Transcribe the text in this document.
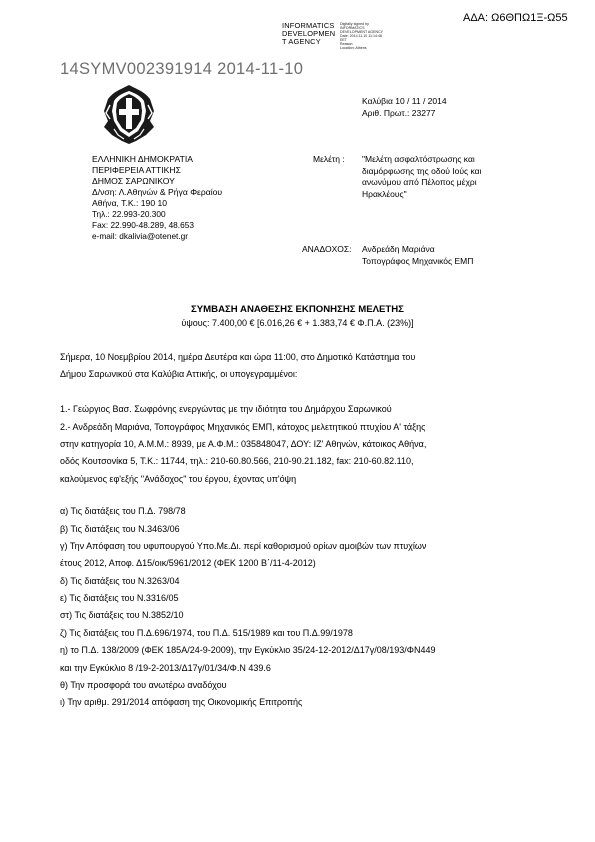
ΑΔΑ: Ω6ΘΠΩ1Ξ-Ω55
INFORMATICS
DEVELOPMEN
T AGENCY
Digitally signed by
INFORMATICS
DEVELOPMENT AGENCY
Date: 2014.11.10 11:14:46
EET
Reason:
Location: Athens
14SYMV002391914 2014-11-10
Καλύβια 10 / 11 / 2014
Αριθ. Πρωτ.: 23277
ΕΛΛΗΝΙΚΗ ΔΗΜΟΚΡΑΤΙΑ
ΠΕΡΙΦΕΡΕΙΑ ΑΤΤΙΚΗΣ
ΔΗΜΟΣ ΣΑΡΩΝΙΚΟΥ
Δ/νση: Λ.Αθηνών & Ρήγα Φεραίου
Αθήνα, Τ.Κ.: 190 10
Τηλ.: 22.993-20.300
Fax: 22.990-48.289, 48.653
e-mail: dkalivia@otenet.gr
Μελέτη : "Μελέτη ασφαλτόστρωσης και
διαμόρφωσης της οδού Ιούς και
ανωνύμου από Πέλοπος μέχρι
Ηρακλέους"
ΑΝΑΔΟΧΟΣ: Ανδρεάδη Μαριάνα
Τοπογράφος Μηχανικός ΕΜΠ
ΣΥΜΒΑΣΗ ΑΝΑΘΕΣΗΣ ΕΚΠΟΝΗΣΗΣ ΜΕΛΕΤΗΣ
ύψους: 7.400,00 € [6.016,26 € + 1.383,74 € Φ.Π.Α. (23%)]
Σήμερα, 10 Νοεμβρίου 2014, ημέρα Δευτέρα και ώρα 11:00, στο Δημοτικό Κατάστημα του
Δήμου Σαρωνικού στα Καλύβια Αττικής, οι υπογεγραμμένοι:
1.- Γεώργιος Βασ. Σωφρόνης ενεργώντας με την ιδιότητα του Δημάρχου Σαρωνικού
2.- Ανδρεάδη Μαριάνα, Τοπογράφος Μηχανικός ΕΜΠ, κάτοχος μελετητικού πτυχίου Α' τάξης
στην κατηγορία 10, Α.Μ.Μ.: 8939, με Α.Φ.Μ.: 035848047, ΔΟΥ: ΙΖ' Αθηνών, κάτοικος Αθήνα,
οδός Κουτσονίκα 5, Τ.Κ.: 11744, τηλ.: 210-60.80.566, 210-90.21.182, fax: 210-60.82.110,
καλούμενος εφ'εξής "Ανάδοχος" του έργου, έχοντας υπ'όψη
α) Τις διατάξεις του Π.Δ. 798/78
β) Τις διατάξεις του Ν.3463/06
γ) Την Απόφαση του υφυπουργού Υπο.Με.Δι. περί καθορισμού ορίων αμοιβών των πτυχίων
έτους 2012, Αποφ. Δ15/οικ/5961/2012 (ΦΕΚ 1200 Β΄/11-4-2012)
δ) Τις διατάξεις του Ν.3263/04
ε) Τις διατάξεις του Ν.3316/05
στ) Τις διατάξεις του Ν.3852/10
ζ) Τις διατάξεις του Π.Δ.696/1974, του Π.Δ. 515/1989 και του Π.Δ.99/1978
η) το Π.Δ. 138/2009 (ΦΕΚ 185Α/24-9-2009), την Εγκύκλιο 35/24-12-2012/Δ17γ/08/193/ΦΝ449
και την Εγκύκλιο 8 /19-2-2013/Δ17γ/01/34/Φ.Ν 439.6
θ) Την προσφορά του ανωτέρω αναδόχου
ι) Την αριθμ. 291/2014 απόφαση της Οικονομικής Επιτροπής
